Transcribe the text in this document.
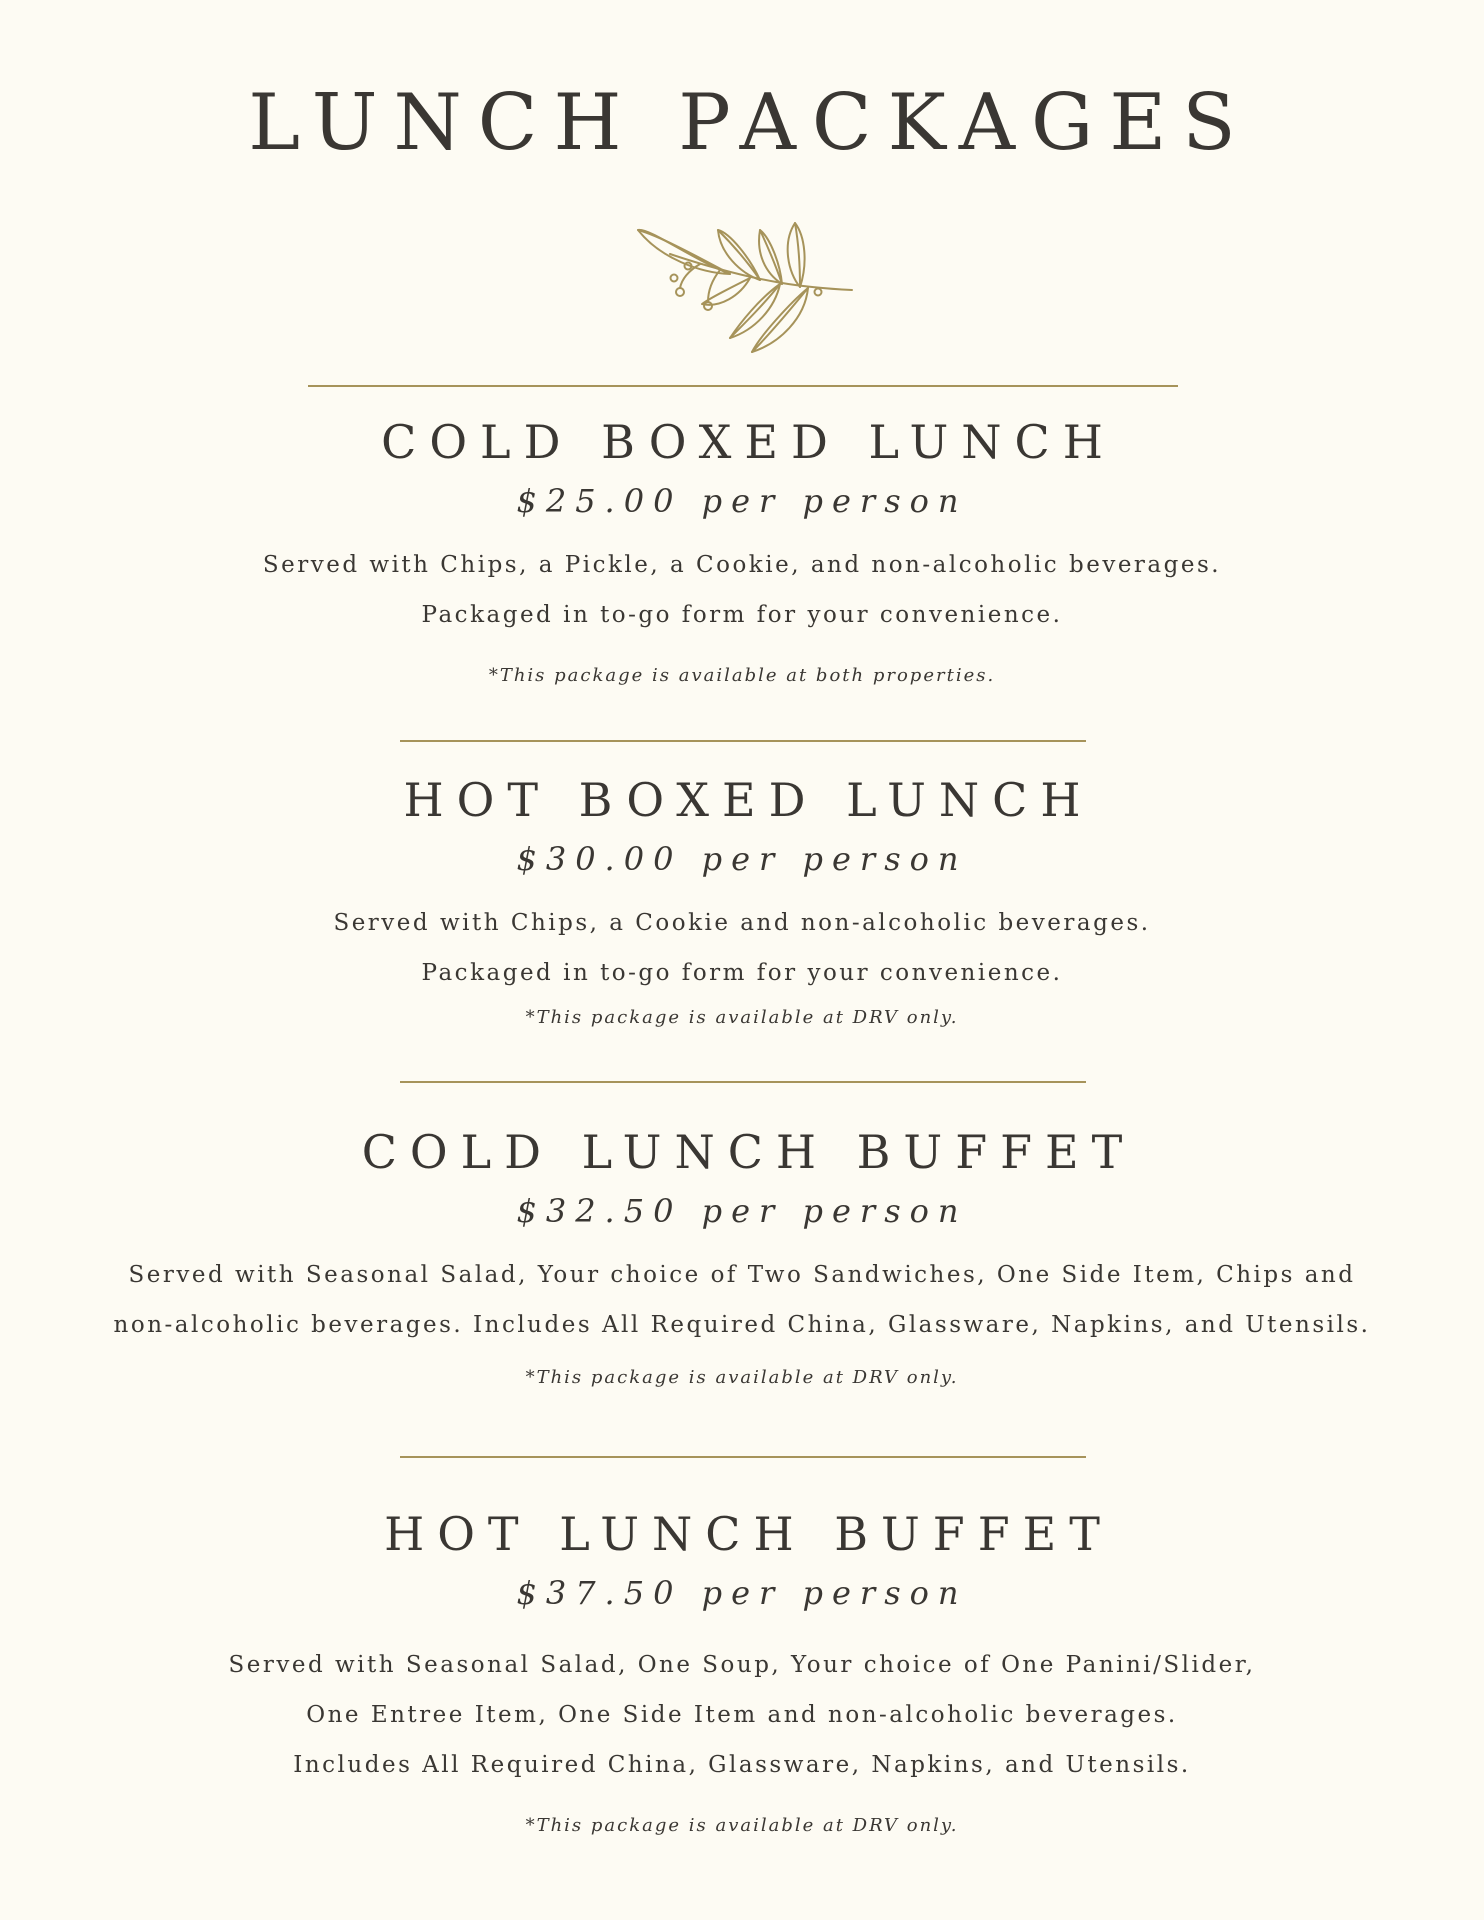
LUNCH PACKAGES
COLD BOXED LUNCH
$25.00 per person
Served with Chips, a Pickle, a Cookie, and non-alcoholic beverages.
Packaged in to-go form for your convenience.
*This package is available at both properties.
HOT BOXED LUNCH
$30.00 per person
Served with Chips, a Cookie and non-alcoholic beverages.
Packaged in to-go form for your convenience.
*This package is available at DRV only.
COLD LUNCH BUFFET
$32.50 per person
Served with Seasonal Salad, Your choice of Two Sandwiches, One Side Item, Chips and
non-alcoholic beverages. Includes All Required China, Glassware, Napkins, and Utensils.
*This package is available at DRV only.
HOT LUNCH BUFFET
$37.50 per person
Served with Seasonal Salad, One Soup, Your choice of One Panini/Slider,
One Entree Item, One Side Item and non-alcoholic beverages.
Includes All Required China, Glassware, Napkins, and Utensils.
*This package is available at DRV only.
